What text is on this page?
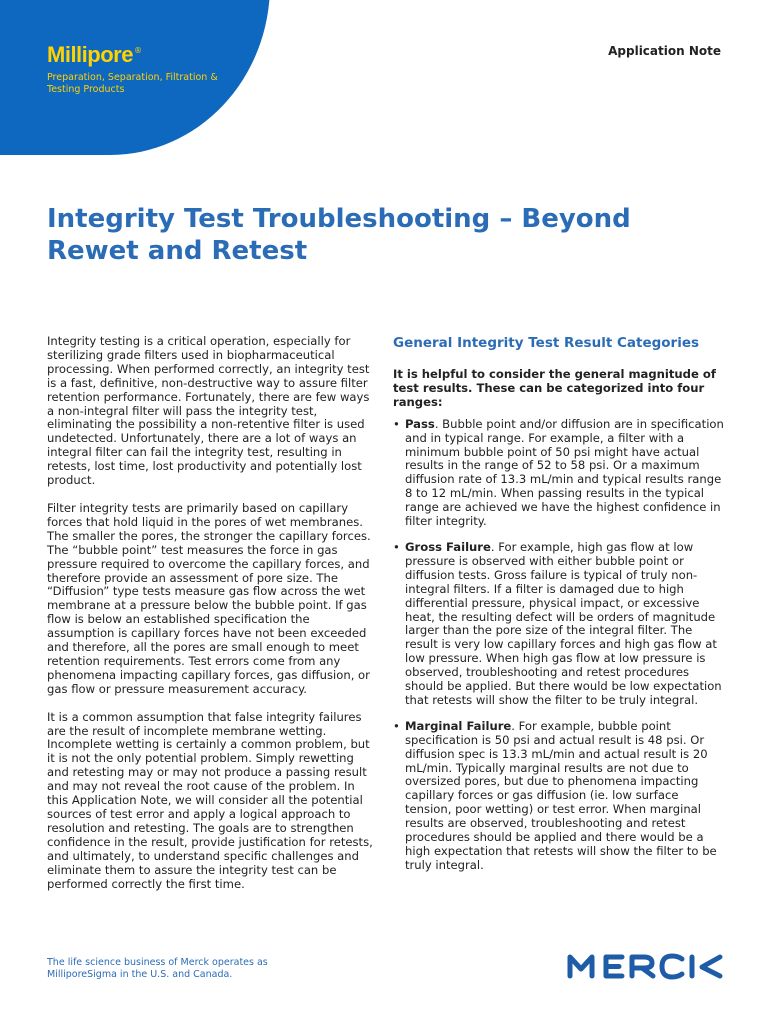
Millipore®
Preparation, Separation, Filtration & Testing Products
Application Note
Integrity Test Troubleshooting – Beyond Rewet and Retest

Integrity testing is a critical operation, especially for sterilizing grade filters used in biopharmaceutical processing. When performed correctly, an integrity test is a fast, definitive, non-destructive way to assure filter retention performance. Fortunately, there are few ways a non-integral filter will pass the integrity test, eliminating the possibility a non-retentive filter is used undetected. Unfortunately, there are a lot of ways an integral filter can fail the integrity test, resulting in retests, lost time, lost productivity and potentially lost product.

Filter integrity tests are primarily based on capillary forces that hold liquid in the pores of wet membranes. The smaller the pores, the stronger the capillary forces. The “bubble point” test measures the force in gas pressure required to overcome the capillary forces, and therefore provide an assessment of pore size. The “Diffusion” type tests measure gas flow across the wet membrane at a pressure below the bubble point. If gas flow is below an established specification the assumption is capillary forces have not been exceeded and therefore, all the pores are small enough to meet retention requirements. Test errors come from any phenomena impacting capillary forces, gas diffusion, or gas flow or pressure measurement accuracy.

It is a common assumption that false integrity failures are the result of incomplete membrane wetting. Incomplete wetting is certainly a common problem, but it is not the only potential problem. Simply rewetting and retesting may or may not produce a passing result and may not reveal the root cause of the problem. In this Application Note, we will consider all the potential sources of test error and apply a logical approach to resolution and retesting. The goals are to strengthen confidence in the result, provide justification for retests, and ultimately, to understand specific challenges and eliminate them to assure the integrity test can be performed correctly the first time.

General Integrity Test Result Categories

It is helpful to consider the general magnitude of test results. These can be categorized into four ranges:

• Pass. Bubble point and/or diffusion are in specification and in typical range. For example, a filter with a minimum bubble point of 50 psi might have actual results in the range of 52 to 58 psi. Or a maximum diffusion rate of 13.3 mL/min and typical results range 8 to 12 mL/min. When passing results in the typical range are achieved we have the highest confidence in filter integrity.
• Gross Failure. For example, high gas flow at low pressure is observed with either bubble point or diffusion tests. Gross failure is typical of truly non-integral filters. If a filter is damaged due to high differential pressure, physical impact, or excessive heat, the resulting defect will be orders of magnitude larger than the pore size of the integral filter. The result is very low capillary forces and high gas flow at low pressure. When high gas flow at low pressure is observed, troubleshooting and retest procedures should be applied. But there would be low expectation that retests will show the filter to be truly integral.
• Marginal Failure. For example, bubble point specification is 50 psi and actual result is 48 psi. Or diffusion spec is 13.3 mL/min and actual result is 20 mL/min. Typically marginal results are not due to oversized pores, but due to phenomena impacting capillary forces or gas diffusion (ie. low surface tension, poor wetting) or test error. When marginal results are observed, troubleshooting and retest procedures should be applied and there would be a high expectation that retests will show the filter to be truly integral.
The life science business of Merck operates as MilliporeSigma in the U.S. and Canada.
